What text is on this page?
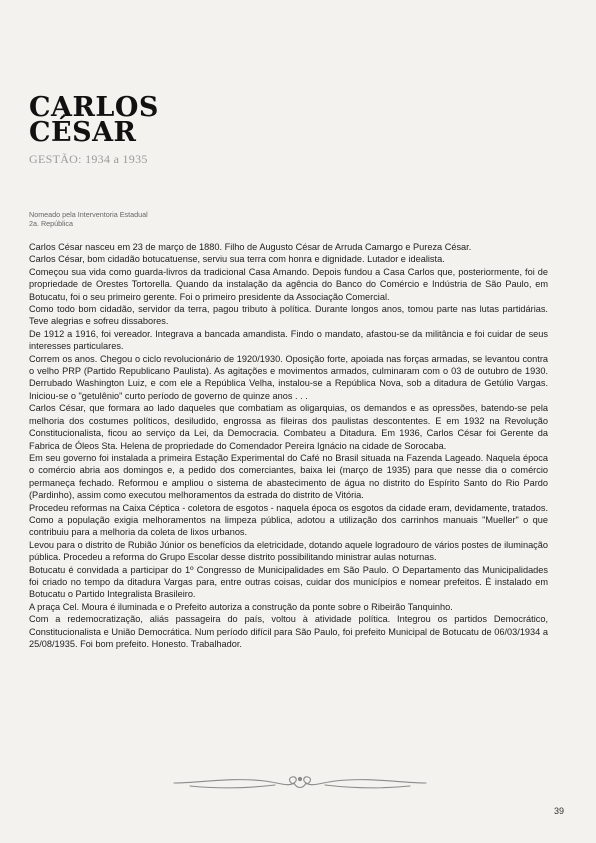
CARLOS
CÉSAR
GESTÃO: 1934 a 1935
Nomeado pela Interventoria Estadual
2a. República

Carlos César nasceu em 23 de março de 1880. Filho de Augusto César de Arruda Camargo e Pureza César.

Carlos César, bom cidadão botucatuense, serviu sua terra com honra e dignidade. Lutador e idealista.

Começou sua vida como guarda-livros da tradicional Casa Amando. Depois fundou a Casa Carlos que, posteriormente, foi de propriedade de Orestes Tortorella. Quando da instalação da agência do Banco do Comércio e Indústria de São Paulo, em Botucatu, foi o seu primeiro gerente. Foi o primeiro presidente da Associação Comercial.

Como todo bom cidadão, servidor da terra, pagou tributo à política. Durante longos anos, tomou parte nas lutas partidárias. Teve alegrias e sofreu dissabores.

De 1912 a 1916, foi vereador. Integrava a bancada amandista. Findo o mandato, afastou-se da militância e foi cuidar de seus interesses particulares.

Correm os anos. Chegou o ciclo revolucionário de 1920/1930. Oposição forte, apoiada nas forças armadas, se levantou contra o velho PRP (Partido Republicano Paulista). As agitações e movimentos armados, culminaram com o 03 de outubro de 1930. Derrubado Washington Luiz, e com ele a República Velha, instalou-se a República Nova, sob a ditadura de Getúlio Vargas. Iniciou-se o "getulênio" curto período de governo de quinze anos . . .

Carlos César, que formara ao lado daqueles que combatiam as oligarquias, os demandos e as opressões, batendo-se pela melhoria dos costumes políticos, desiludido, engrossa as fileiras dos paulistas descontentes. E em 1932 na Revolução Constitucionalista, ficou ao serviço da Lei, da Democracia. Combateu a Ditadura. Em 1936, Carlos César foi Gerente da Fabrica de Óleos Sta. Helena de propriedade do Comendador Pereira Ignácio na cidade de Sorocaba.

Em seu governo foi instalada a primeira Estação Experimental do Café no Brasil situada na Fazenda Lageado. Naquela época o comércio abria aos domingos e, a pedido dos comerciantes, baixa lei (março de 1935) para que nesse dia o comércio permaneça fechado. Reformou e ampliou o sistema de abastecimento de água no distrito do Espírito Santo do Rio Pardo (Pardinho), assim como executou melhoramentos da estrada do distrito de Vitória.

Procedeu reformas na Caixa Céptica - coletora de esgotos - naquela época os esgotos da cidade eram, devidamente, tratados. Como a população exigia melhoramentos na limpeza pública, adotou a utilização dos carrinhos manuais "Mueller" o que contribuiu para a melhoria da coleta de lixos urbanos.

Levou para o distrito de Rubião Júnior os benefícios da eletricidade, dotando aquele logradouro de vários postes de iluminação pública. Procedeu a reforma do Grupo Escolar desse distrito possibilitando ministrar aulas noturnas.

Botucatu é convidada a participar do 1º Congresso de Municipalidades em São Paulo. O Departamento das Municipalidades foi criado no tempo da ditadura Vargas para, entre outras coisas, cuidar dos municípios e nomear prefeitos. É instalado em Botucatu o Partido Integralista Brasileiro.

A praça Cel. Moura é iluminada e o Prefeito autoriza a construção da ponte sobre o Ribeirão Tanquinho.

Com a redemocratização, aliás passageira do país, voltou à atividade política. Integrou os partidos Democrático, Constitucionalista e União Democrática. Num período difícil para São Paulo, foi prefeito Municipal de Botucatu de 06/03/1934 a 25/08/1935. Foi bom prefeito. Honesto. Trabalhador.

39
